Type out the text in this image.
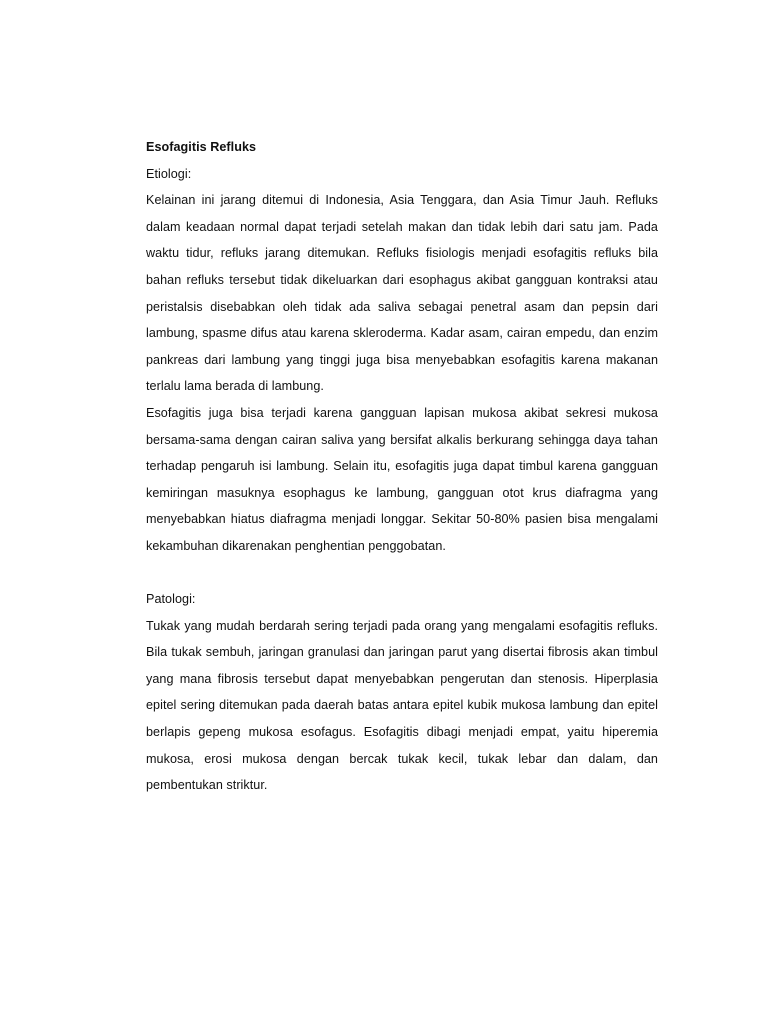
Esofagitis Refluks
Etiologi:

Kelainan ini jarang ditemui di Indonesia, Asia Tenggara, dan Asia Timur Jauh. Refluks dalam keadaan normal dapat terjadi setelah makan dan tidak lebih dari satu jam. Pada waktu tidur, refluks jarang ditemukan. Refluks fisiologis menjadi esofagitis refluks bila bahan refluks tersebut tidak dikeluarkan dari esophagus akibat gangguan kontraksi atau peristalsis disebabkan oleh tidak ada saliva sebagai penetral asam dan pepsin dari lambung, spasme difus atau karena skleroderma. Kadar asam, cairan empedu, dan enzim pankreas dari lambung yang tinggi juga bisa menyebabkan esofagitis karena makanan terlalu lama berada di lambung.

Esofagitis juga bisa terjadi karena gangguan lapisan mukosa akibat sekresi mukosa bersama-sama dengan cairan saliva yang bersifat alkalis berkurang sehingga daya tahan terhadap pengaruh isi lambung. Selain itu, esofagitis juga dapat timbul karena gangguan kemiringan masuknya esophagus ke lambung, gangguan otot krus diafragma yang menyebabkan hiatus diafragma menjadi longgar. Sekitar 50-80% pasien bisa mengalami kekambuhan dikarenakan penghentian penggobatan.

Patologi:

Tukak yang mudah berdarah sering terjadi pada orang yang mengalami esofagitis refluks. Bila tukak sembuh, jaringan granulasi dan jaringan parut yang disertai fibrosis akan timbul yang mana fibrosis tersebut dapat menyebabkan pengerutan dan stenosis. Hiperplasia epitel sering ditemukan pada daerah batas antara epitel kubik mukosa lambung dan epitel berlapis gepeng mukosa esofagus. Esofagitis dibagi menjadi empat, yaitu hiperemia mukosa, erosi mukosa dengan bercak tukak kecil, tukak lebar dan dalam, dan pembentukan striktur.
